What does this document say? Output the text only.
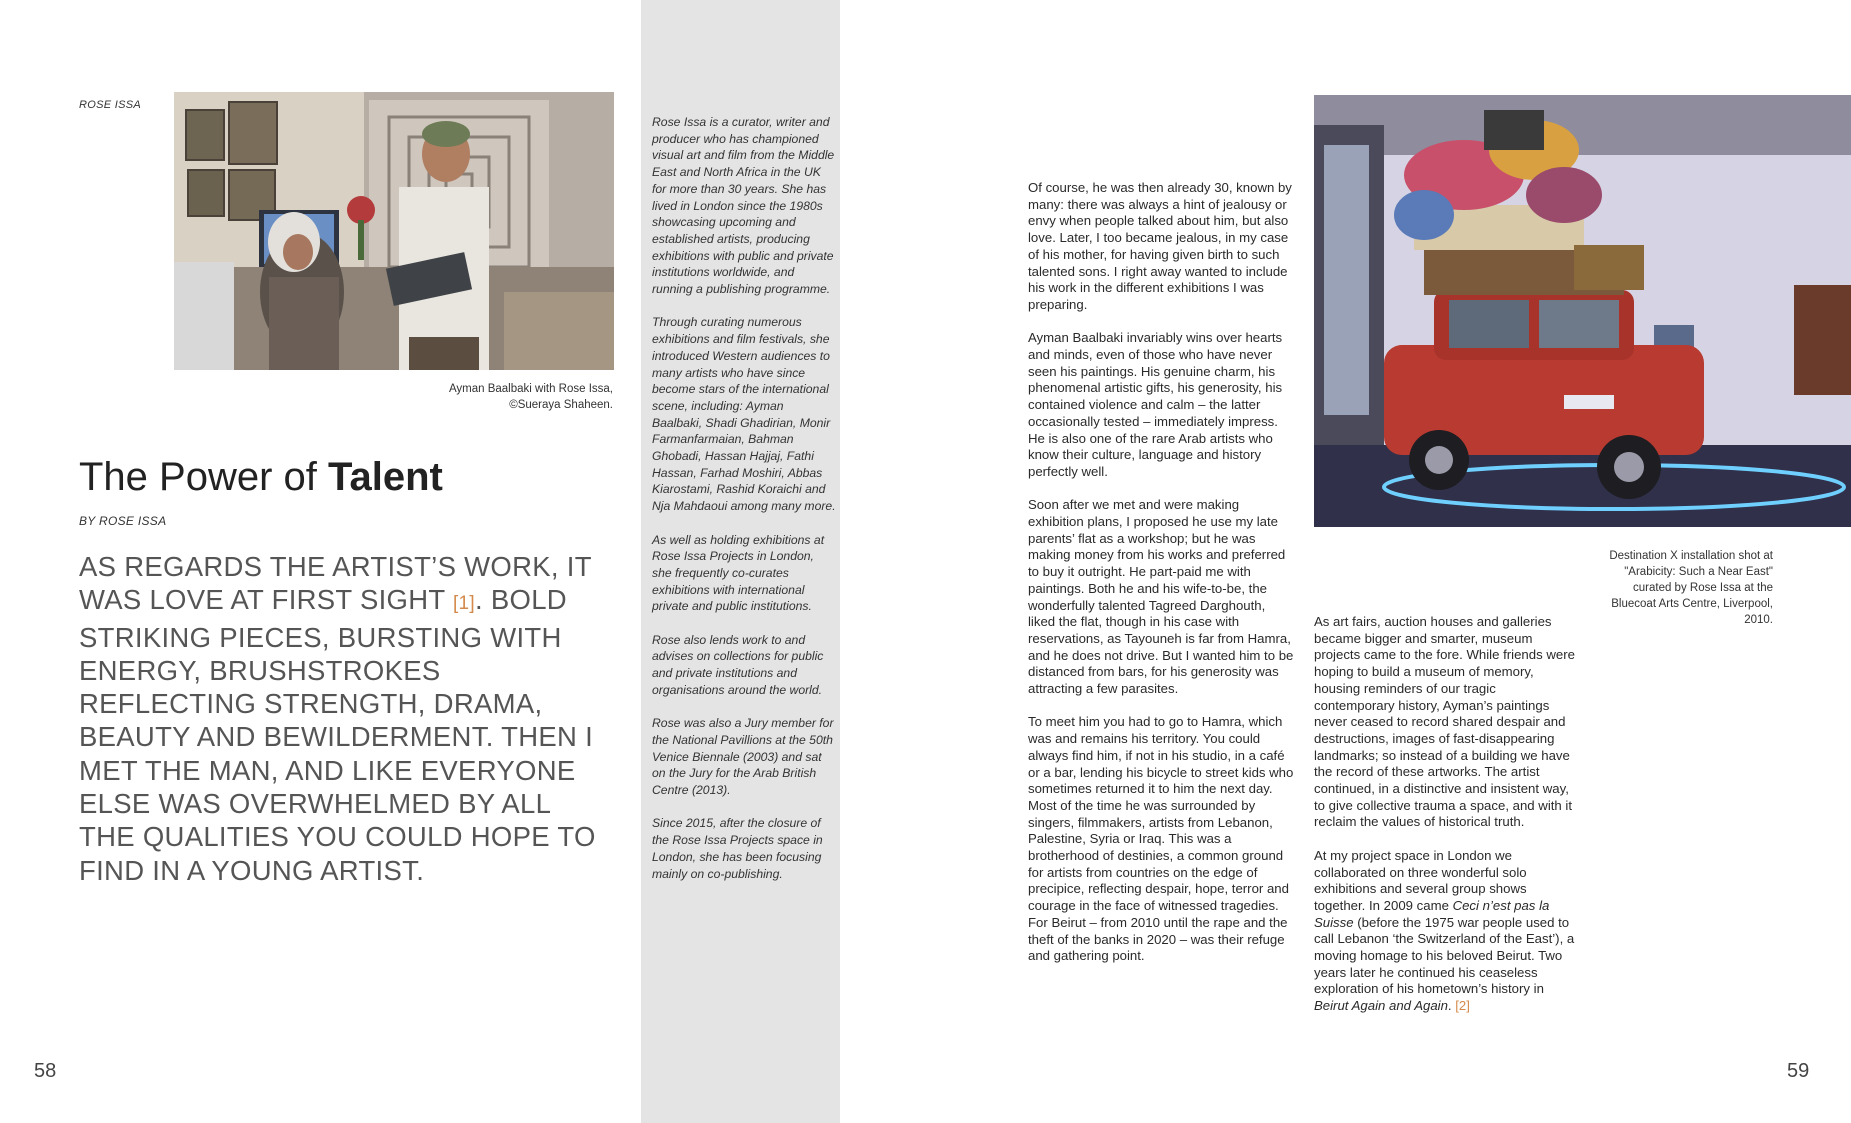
ROSE ISSA
Ayman Baalbaki with Rose Issa, ©Sueraya Shaheen.
The Power of Talent
BY ROSE ISSA
AS REGARDS THE ARTIST’S WORK, IT WAS LOVE AT FIRST SIGHT [1]. BOLD STRIKING PIECES, BURSTING WITH ENERGY, BRUSHSTROKES REFLECTING STRENGTH, DRAMA, BEAUTY AND BEWILDERMENT. THEN I MET THE MAN, AND LIKE EVERYONE ELSE WAS OVERWHELMED BY ALL THE QUALITIES YOU COULD HOPE TO FIND IN A YOUNG ARTIST.
58

Rose Issa is a curator, writer and producer who has championed visual art and film from the Middle East and North Africa in the UK for more than 30 years. She has lived in London since the 1980s showcasing upcoming and established artists, producing exhibitions with public and private institutions worldwide, and running a publishing programme.

Through curating numerous exhibitions and film festivals, she introduced Western audiences to many artists who have since become stars of the international scene, including: Ayman Baalbaki, Shadi Ghadirian, Monir Farmanfarmaian, Bahman Ghobadi, Hassan Hajjaj, Fathi Hassan, Farhad Moshiri, Abbas Kiarostami, Rashid Koraichi and Nja Mahdaoui among many more.

As well as holding exhibitions at Rose Issa Projects in London, she frequently co-curates exhibitions with international private and public institutions.

Rose also lends work to and advises on collections for public and private institutions and organisations around the world.

Rose was also a Jury member for the National Pavillions at the 50th Venice Biennale (2003) and sat on the Jury for the Arab British Centre (2013).

Since 2015, after the closure of the Rose Issa Projects space in London, she has been focusing mainly on co-publishing.

Of course, he was then already 30, known by many: there was always a hint of jealousy or envy when people talked about him, but also love. Later, I too became jealous, in my case of his mother, for having given birth to such talented sons. I right away wanted to include his work in the different exhibitions I was preparing.

Ayman Baalbaki invariably wins over hearts and minds, even of those who have never seen his paintings. His genuine charm, his phenomenal artistic gifts, his generosity, his contained violence and calm – the latter occasionally tested – immediately impress. He is also one of the rare Arab artists who know their culture, language and history perfectly well.

Soon after we met and were making exhibition plans, I proposed he use my late parents’ flat as a workshop; but he was making money from his works and preferred to buy it outright. He part-paid me with paintings. Both he and his wife-to-be, the wonderfully talented Tagreed Darghouth, liked the flat, though in his case with reservations, as Tayouneh is far from Hamra, and he does not drive. But I wanted him to be distanced from bars, for his generosity was attracting a few parasites.

To meet him you had to go to Hamra, which was and remains his territory. You could always find him, if not in his studio, in a café or a bar, lending his bicycle to street kids who sometimes returned it to him the next day. Most of the time he was surrounded by singers, filmmakers, artists from Lebanon, Palestine, Syria or Iraq. This was a brotherhood of destinies, a common ground for artists from countries on the edge of precipice, reflecting despair, hope, terror and courage in the face of witnessed tragedies. For Beirut – from 2010 until the rape and the theft of the banks in 2020 – was their refuge and gathering point.

Destination X installation shot at "Arabicity: Such a Near East" curated by Rose Issa at the Bluecoat Arts Centre, Liverpool, 2010.

As art fairs, auction houses and galleries became bigger and smarter, museum projects came to the fore. While friends were hoping to build a museum of memory, housing reminders of our tragic contemporary history, Ayman’s paintings never ceased to record shared despair and destructions, images of fast-disappearing landmarks; so instead of a building we have the record of these artworks. The artist continued, in a distinctive and insistent way, to give collective trauma a space, and with it reclaim the values of historical truth.

At my project space in London we collaborated on three wonderful solo exhibitions and several group shows together. In 2009 came Ceci n’est pas la Suisse (before the 1975 war people used to call Lebanon ‘the Switzerland of the East’), a moving homage to his beloved Beirut. Two years later he continued his ceaseless exploration of his hometown’s history in Beirut Again and Again. [2]

59
